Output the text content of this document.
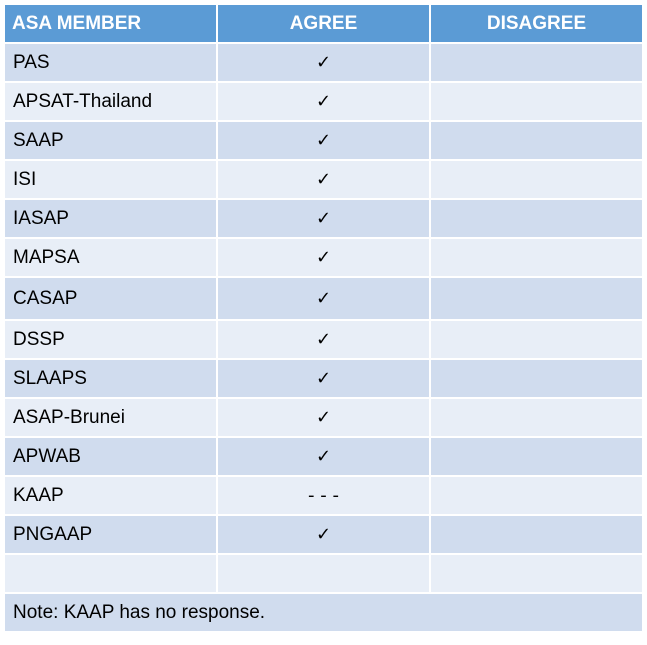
ASA MEMBER	AGREE	DISAGREE
PAS	✓	
APSAT-Thailand	✓	
SAAP	✓	
ISI	✓	
IASAP	✓	
MAPSA	✓	
CASAP	✓	
DSSP	✓	
SLAAPS	✓	
ASAP-Brunei	✓	
APWAB	✓	
KAAP	- - -	
PNGAAP	✓	

Note: KAAP has no response.		
